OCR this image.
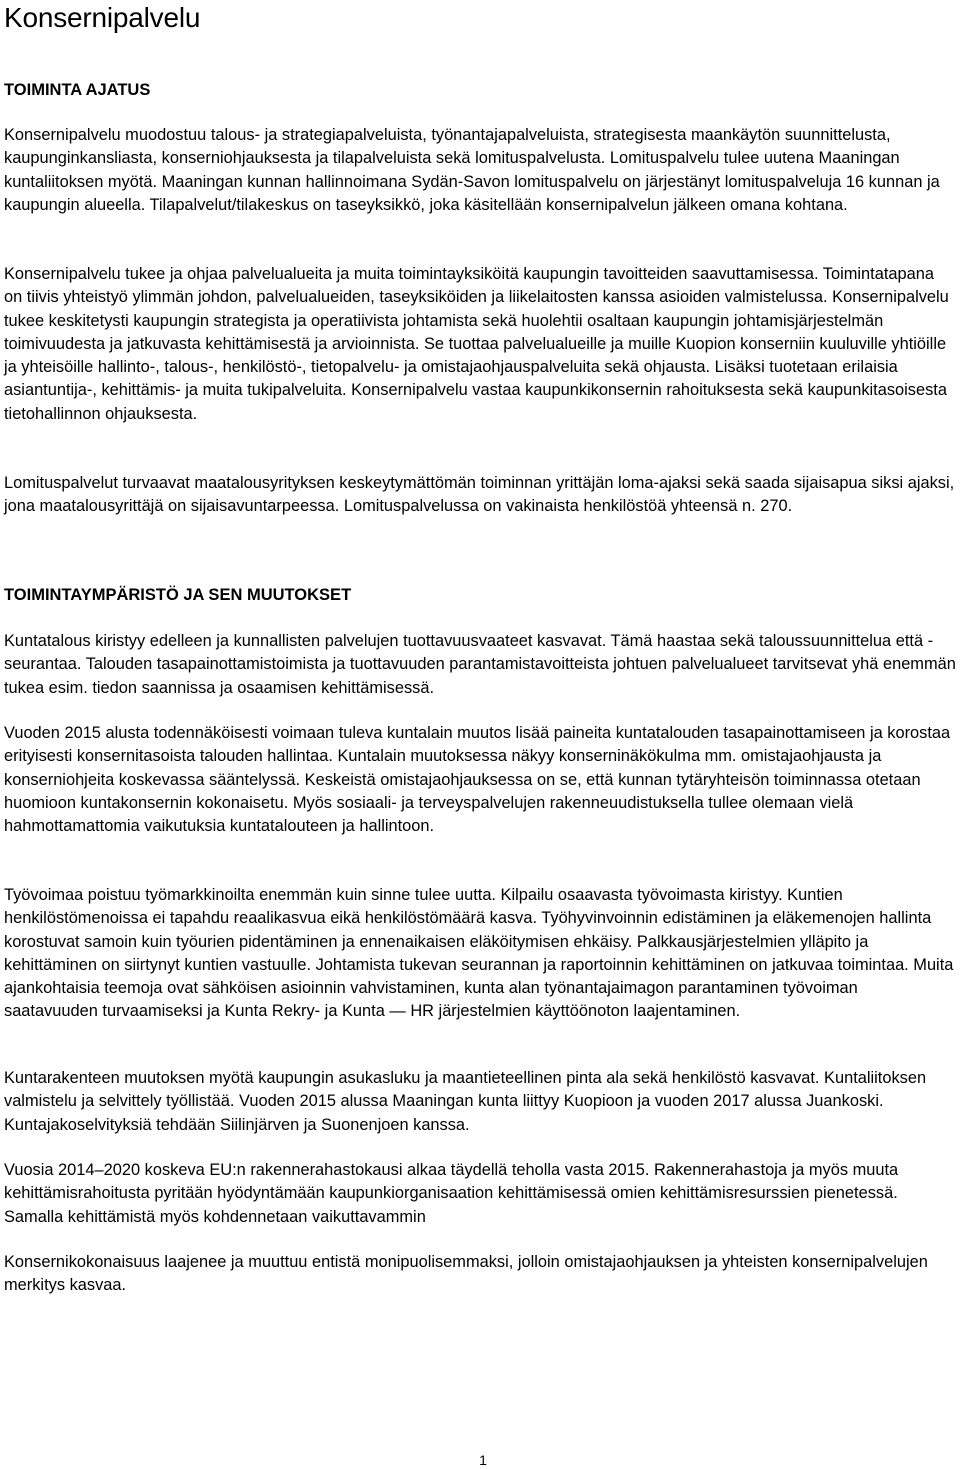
Konsernipalvelu
TOIMINTA AJATUS

Konsernipalvelu muodostuu talous- ja strategiapalveluista, työnantajapalveluista, strategisesta maankäytön suunnittelusta, kaupunginkansliasta, konserniohjauksesta ja tilapalveluista sekä lomituspalvelusta. Lomituspalvelu tulee uutena Maaningan kuntaliitoksen myötä. Maaningan kunnan hallinnoimana Sydän-Savon lomituspalvelu on järjestänyt lomituspalveluja 16 kunnan ja kaupungin alueella. Tilapalvelut/tilakeskus on taseyksikkö, joka käsitellään konsernipalvelun jälkeen omana kohtana.

Konsernipalvelu tukee ja ohjaa palvelualueita ja muita toimintayksiköitä kaupungin tavoitteiden saavuttamisessa. Toimintatapana on tiivis yhteistyö ylimmän johdon, palvelualueiden, taseyksiköiden ja liikelaitosten kanssa asioiden valmistelussa. Konsernipalvelu tukee keskitetysti kaupungin strategista ja operatiivista johtamista sekä huolehtii osaltaan kaupungin johtamisjärjestelmän toimivuudesta ja jatkuvasta kehittämisestä ja arvioinnista. Se tuottaa palvelualueille ja muille Kuopion konserniin kuuluville yhtiöille ja yhteisöille hallinto-, talous-, henkilöstö-, tietopalvelu- ja omistajaohjauspalveluita sekä ohjausta. Lisäksi tuotetaan erilaisia asiantuntija-, kehittämis- ja muita tukipalveluita. Konsernipalvelu vastaa kaupunkikonsernin rahoituksesta sekä kaupunkitasoisesta tietohallinnon ohjauksesta.

Lomituspalvelut turvaavat maatalousyrityksen keskeytymättömän toiminnan yrittäjän loma-ajaksi sekä saada sijaisapua siksi ajaksi, jona maatalousyrittäjä on sijaisavuntarpeessa. Lomituspalvelussa on vakinaista henkilöstöä yhteensä n. 270.

TOIMINTAYMPÄRISTÖ JA SEN MUUTOKSET

Kuntatalous kiristyy edelleen ja kunnallisten palvelujen tuottavuusvaateet kasvavat. Tämä haastaa sekä taloussuunnittelua että -seurantaa. Talouden tasapainottamistoimista ja tuottavuuden parantamistavoitteista johtuen palvelualueet tarvitsevat yhä enemmän tukea esim. tiedon saannissa ja osaamisen kehittämisessä.

Vuoden 2015 alusta todennäköisesti voimaan tuleva kuntalain muutos lisää paineita kuntatalouden tasapainottamiseen ja korostaa erityisesti konsernitasoista talouden hallintaa. Kuntalain muutoksessa näkyy konserninäkökulma mm. omistajaohjausta ja konserniohjeita koskevassa sääntelyssä. Keskeistä omistajaohjauksessa on se, että kunnan tytäryhteisön toiminnassa otetaan huomioon kuntakonsernin kokonaisetu. Myös sosiaali- ja terveyspalvelujen rakenneuudistuksella tullee olemaan vielä hahmottamattomia vaikutuksia kuntatalouteen ja hallintoon.

Työvoimaa poistuu työmarkkinoilta enemmän kuin sinne tulee uutta. Kilpailu osaavasta työvoimasta kiristyy. Kuntien henkilöstömenoissa ei tapahdu reaalikasvua eikä henkilöstömäärä kasva. Työhyvinvoinnin edistäminen ja eläkemenojen hallinta korostuvat samoin kuin työurien pidentäminen ja ennenaikaisen eläköitymisen ehkäisy. Palkkausjärjestelmien ylläpito ja kehittäminen on siirtynyt kuntien vastuulle. Johtamista tukevan seurannan ja raportoinnin kehittäminen on jatkuvaa toimintaa. Muita ajankohtaisia teemoja ovat sähköisen asioinnin vahvistaminen, kunta alan työnantajaimagon parantaminen työvoiman saatavuuden turvaamiseksi ja Kunta Rekry- ja Kunta — HR järjestelmien käyttöönoton laajentaminen.

Kuntarakenteen muutoksen myötä kaupungin asukasluku ja maantieteellinen pinta ala sekä henkilöstö kasvavat. Kuntaliitoksen valmistelu ja selvittely työllistää. Vuoden 2015 alussa Maaningan kunta liittyy Kuopioon ja vuoden 2017 alussa Juankoski. Kuntajakoselvityksiä tehdään Siilinjärven ja Suonenjoen kanssa.

Vuosia 2014–2020 koskeva EU:n rakennerahastokausi alkaa täydellä teholla vasta 2015. Rakennerahastoja ja myös muuta kehittämisrahoitusta pyritään hyödyntämään kaupunkiorganisaation kehittämisessä omien kehittämisresurssien pienetessä. Samalla kehittämistä myös kohdennetaan vaikuttavammin

Konsernikokonaisuus laajenee ja muuttuu entistä monipuolisemmaksi, jolloin omistajaohjauksen ja yhteisten konsernipalvelujen merkitys kasvaa.

1
